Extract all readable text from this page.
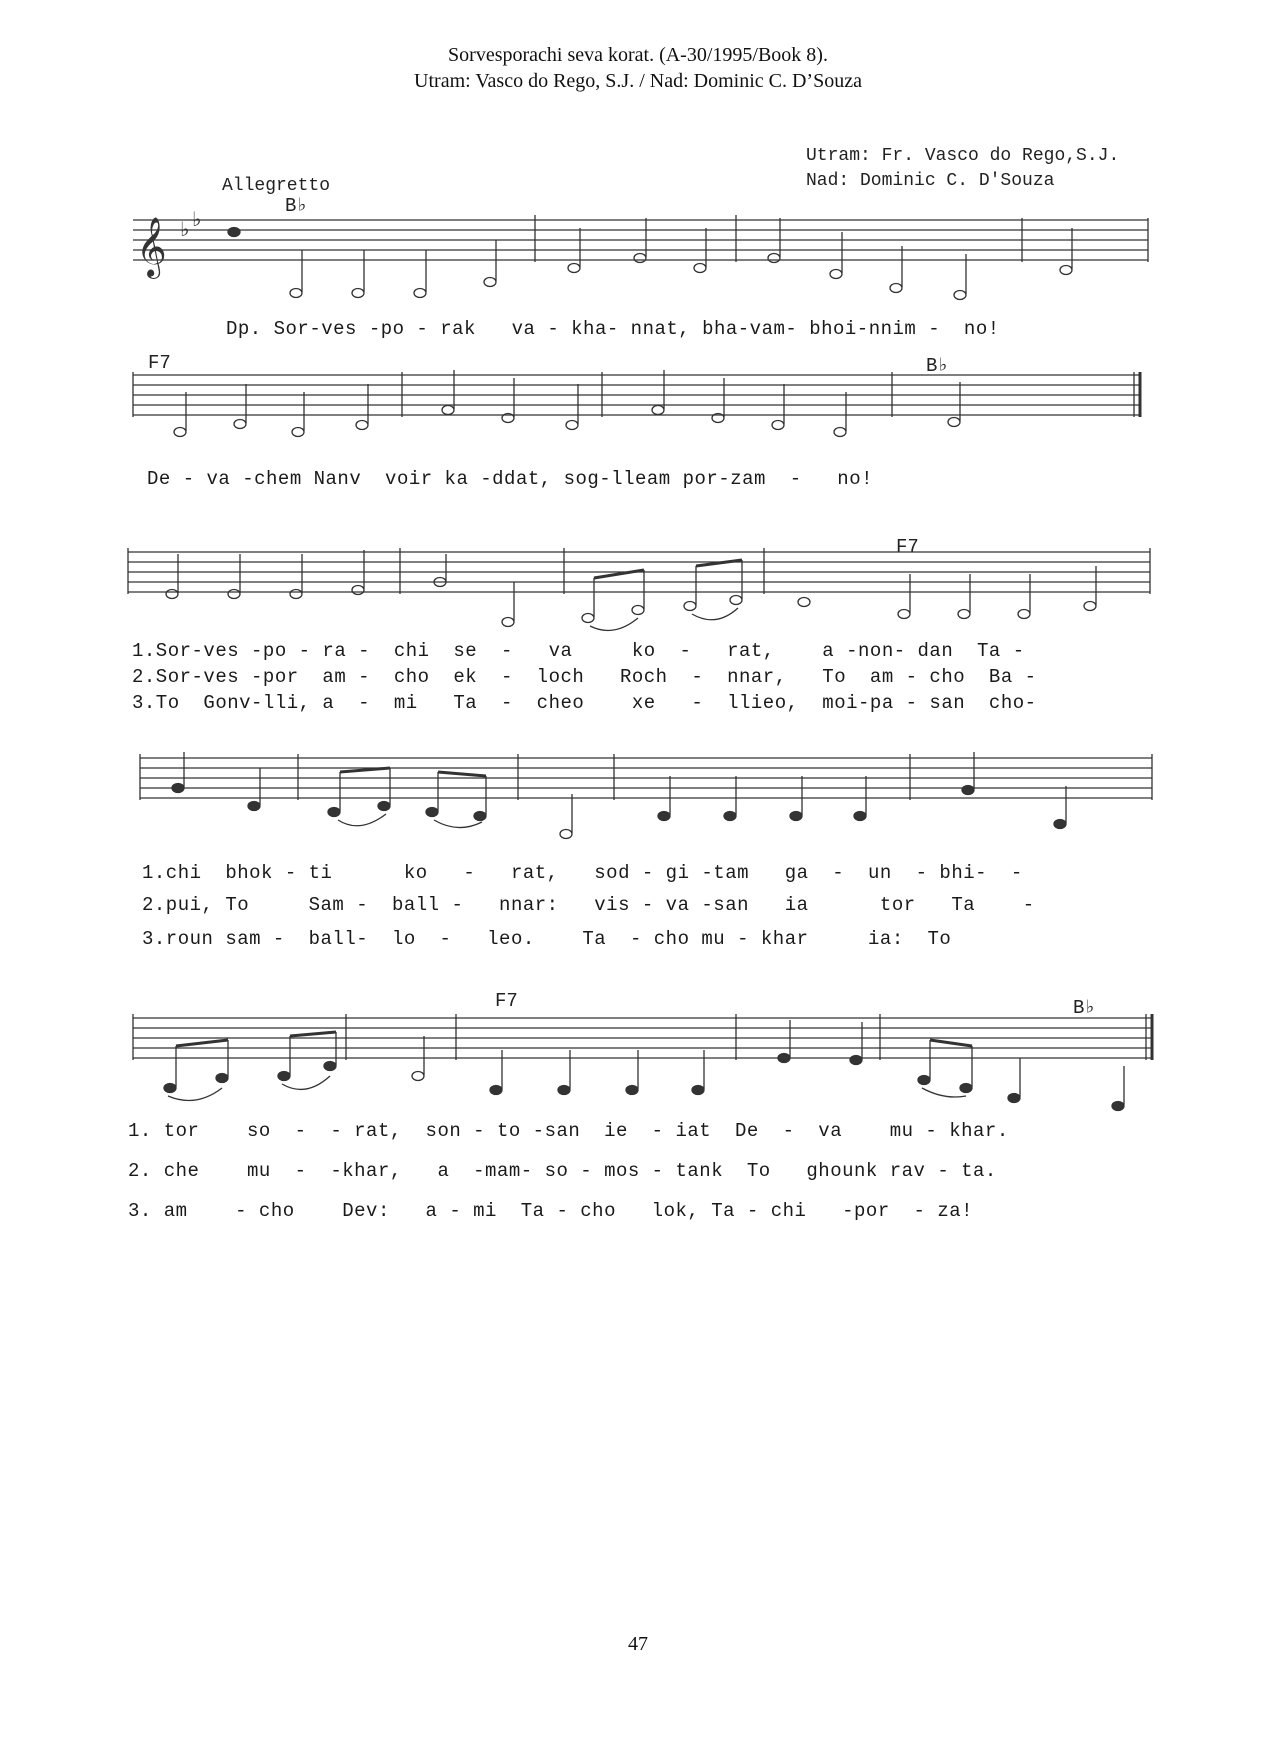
Sorvesporachi seva korat. (A-30/1995/Book 8).
Utram: Vasco do Rego, S.J. / Nad: Dominic C. D’Souza
Utram: Fr. Vasco do Rego,S.J.
Nad: Dominic C. D'Souza
Allegretto
B♭
F7	B♭
F7
F7	B♭
𝄞 ♭ ♭
Dp. Sor-ves -po - rak   va - kha- nnat, bha-vam- bhoi-nnim -  no!
De - va -chem Nanv  voir ka -ddat, sog-lleam por-zam  -   no!
1.Sor-ves -po - ra -  chi  se  -   va     ko  -   rat,    a -non- dan  Ta -
2.Sor-ves -por  am -  cho  ek  -  loch   Roch  -  nnar,   To  am - cho  Ba -
3.To  Gonv-lli, a  -  mi   Ta  -  cheo    xe   -  llieo,  moi-pa - san  cho-
1.chi  bhok - ti      ko   -   rat,   sod - gi -tam   ga  -  un  - bhi-  -
2.pui, To     Sam -  ball -   nnar:   vis - va -san   ia      tor   Ta    -
3.roun sam -  ball-  lo  -   leo.    Ta  - cho mu - khar     ia:  To
1. tor    so  -  - rat,  son - to -san  ie  - iat  De  -  va    mu - khar.
2. che    mu  -  -khar,   a  -mam- so - mos - tank  To   ghounk rav - ta.
3. am    - cho    Dev:   a - mi  Ta - cho   lok, Ta - chi   -por  - za!
47
